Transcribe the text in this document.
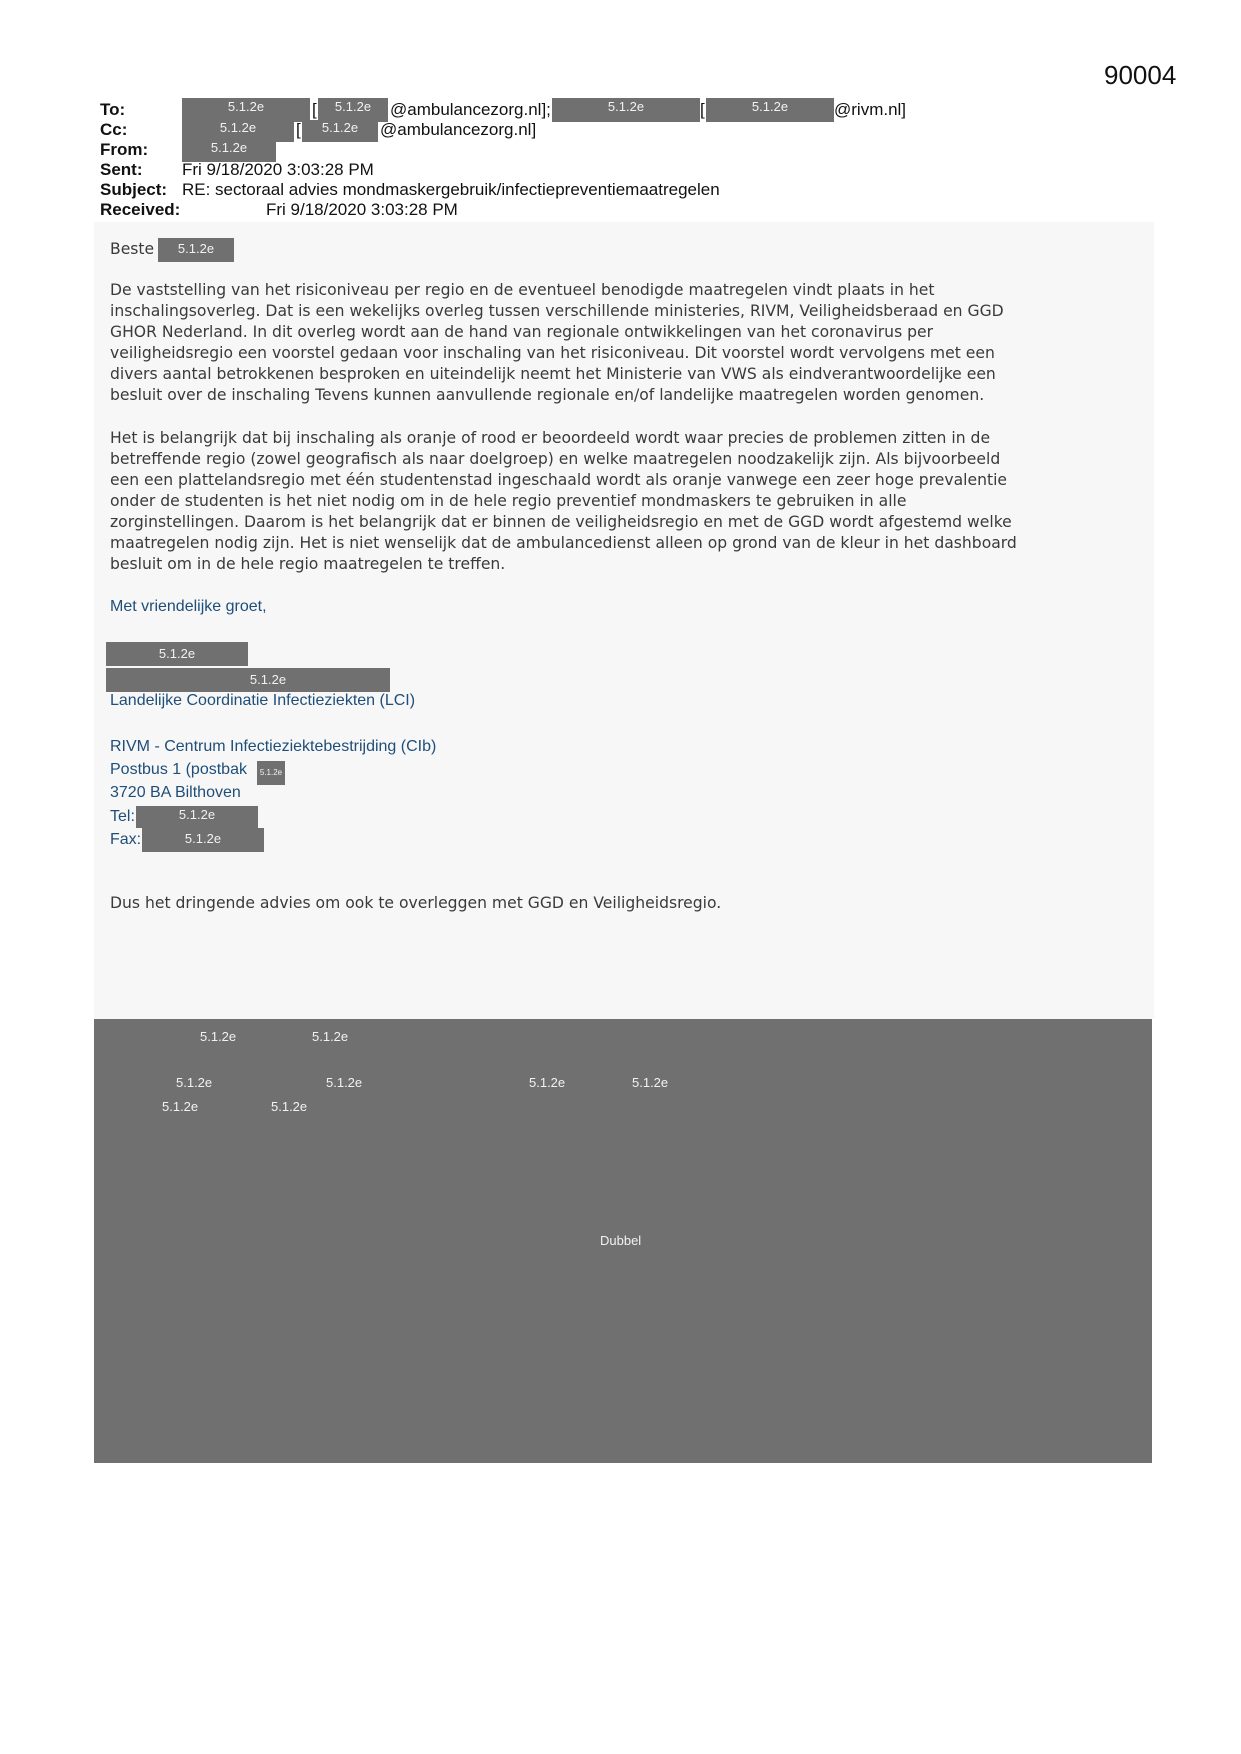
90004
To:	5.1.2e	[	5.1.2e	@ambulancezorg.nl];	5.1.2e	[	5.1.2e	@rivm.nl]
Cc:	5.1.2e	[	5.1.2e	@ambulancezorg.nl]
From:	5.1.2e
Sent: Fri 9/18/2020 3:03:28 PM
Subject: RE: sectoraal advies mondmaskergebruik/infectiepreventiemaatregelen
Received:	Fri 9/18/2020 3:03:28 PM
Beste	5.1.2e
De vaststelling van het risiconiveau per regio en de eventueel benodigde maatregelen vindt plaats in het
inschalingsoverleg. Dat is een wekelijks overleg tussen verschillende ministeries, RIVM, Veiligheidsberaad en GGD
GHOR Nederland. In dit overleg wordt aan de hand van regionale ontwikkelingen van het coronavirus per
veiligheidsregio een voorstel gedaan voor inschaling van het risiconiveau. Dit voorstel wordt vervolgens met een
divers aantal betrokkenen besproken en uiteindelijk neemt het Ministerie van VWS als eindverantwoordelijke een
besluit over de inschaling Tevens kunnen aanvullende regionale en/of landelijke maatregelen worden genomen.
Het is belangrijk dat bij inschaling als oranje of rood er beoordeeld wordt waar precies de problemen zitten in de
betreffende regio (zowel geografisch als naar doelgroep) en welke maatregelen noodzakelijk zijn. Als bijvoorbeeld
een een plattelandsregio met één studentenstad ingeschaald wordt als oranje vanwege een zeer hoge prevalentie
onder de studenten is het niet nodig om in de hele regio preventief mondmaskers te gebruiken in alle
zorginstellingen. Daarom is het belangrijk dat er binnen de veiligheidsregio en met de GGD wordt afgestemd welke
maatregelen nodig zijn. Het is niet wenselijk dat de ambulancedienst alleen op grond van de kleur in het dashboard
besluit om in de hele regio maatregelen te treffen.
Met vriendelijke groet,
5.1.2e
5.1.2e
Landelijke Coordinatie Infectieziekten (LCI)
RIVM - Centrum Infectieziektebestrijding (CIb)
Postbus 1 (postbak	5.1.2e
3720 BA Bilthoven
Tel:	5.1.2e
Fax:	5.1.2e
Dus het dringende advies om ook te overleggen met GGD en Veiligheidsregio.
5.1.2e	5.1.2e
5.1.2e	5.1.2e	5.1.2e	5.1.2e
5.1.2e	5.1.2e
Dubbel
